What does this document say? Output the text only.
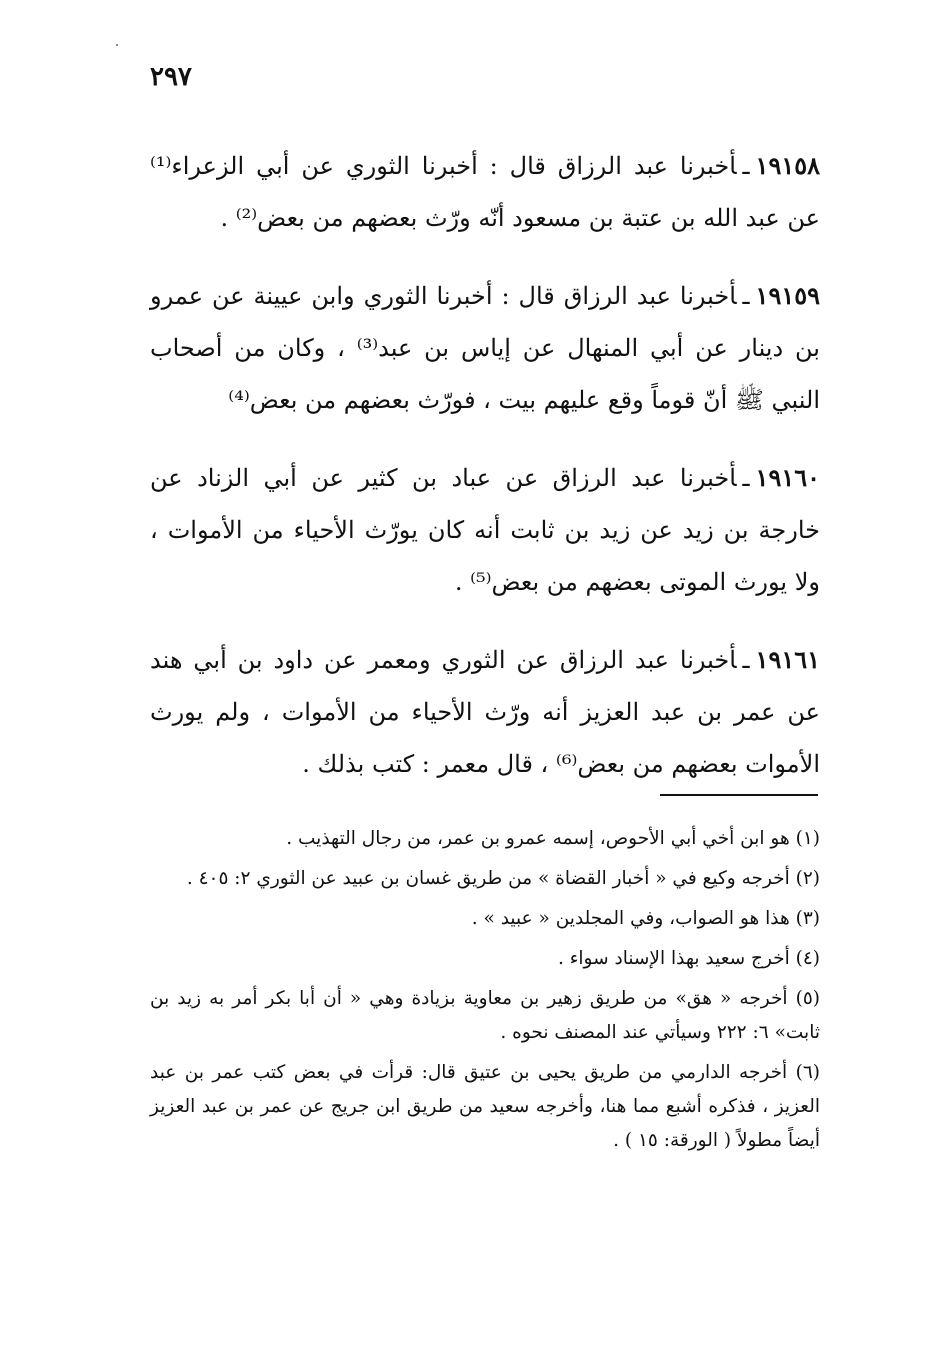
٢٩٧

١٩١٥٨ـأخبرنا عبد الرزاق قال : أخبرنا الثوري عن أبي الزعراء⁽¹⁾ عن عبد الله بن عتبة بن مسعود أنّه ورّث بعضهم من بعض⁽²⁾ .

١٩١٥٩ـأخبرنا عبد الرزاق قال : أخبرنا الثوري وابن عيينة عن عمرو بن دينار عن أبي المنهال عن إياس بن عبد⁽³⁾ ، وكان من أصحاب النبي ﷺ أنّ قوماً وقع عليهم بيت ، فورّث بعضهم من بعض⁽⁴⁾

١٩١٦٠ـأخبرنا عبد الرزاق عن عباد بن كثير عن أبي الزناد عن خارجة بن زيد عن زيد بن ثابت أنه كان يورّث الأحياء من الأموات ، ولا يورث الموتى بعضهم من بعض⁽⁵⁾ .

١٩١٦١ـأخبرنا عبد الرزاق عن الثوري ومعمر عن داود بن أبي هند عن عمر بن عبد العزيز أنه ورّث الأحياء من الأموات ، ولم يورث الأموات بعضهم من بعض⁽⁶⁾ ، قال معمر : كتب بذلك .

(١) هو ابن أخي أبي الأحوص، إسمه عمرو بن عمر، من رجال التهذيب .

(٢) أخرجه وكيع في « أخبار القضاة » من طريق غسان بن عبيد عن الثوري ٢: ٤٠٥ .

(٣) هذا هو الصواب، وفي المجلدين « عبيد » .

(٤) أخرج سعيد بهذا الإسناد سواء .

(٥) أخرجه « هق» من طريق زهير بن معاوية بزيادة وهي « أن أبا بكر أمر به زيد بن ثابت» ٦: ٢٢٢ وسيأتي عند المصنف نحوه .

(٦) أخرجه الدارمي من طريق يحيى بن عتيق قال: قرأت في بعض كتب عمر بن عبد العزيز ، فذكره أشبع مما هنا، وأخرجه سعيد من طريق ابن جريج عن عمر بن عبد العزيز أيضاً مطولاً ( الورقة: ١٥ ) .
